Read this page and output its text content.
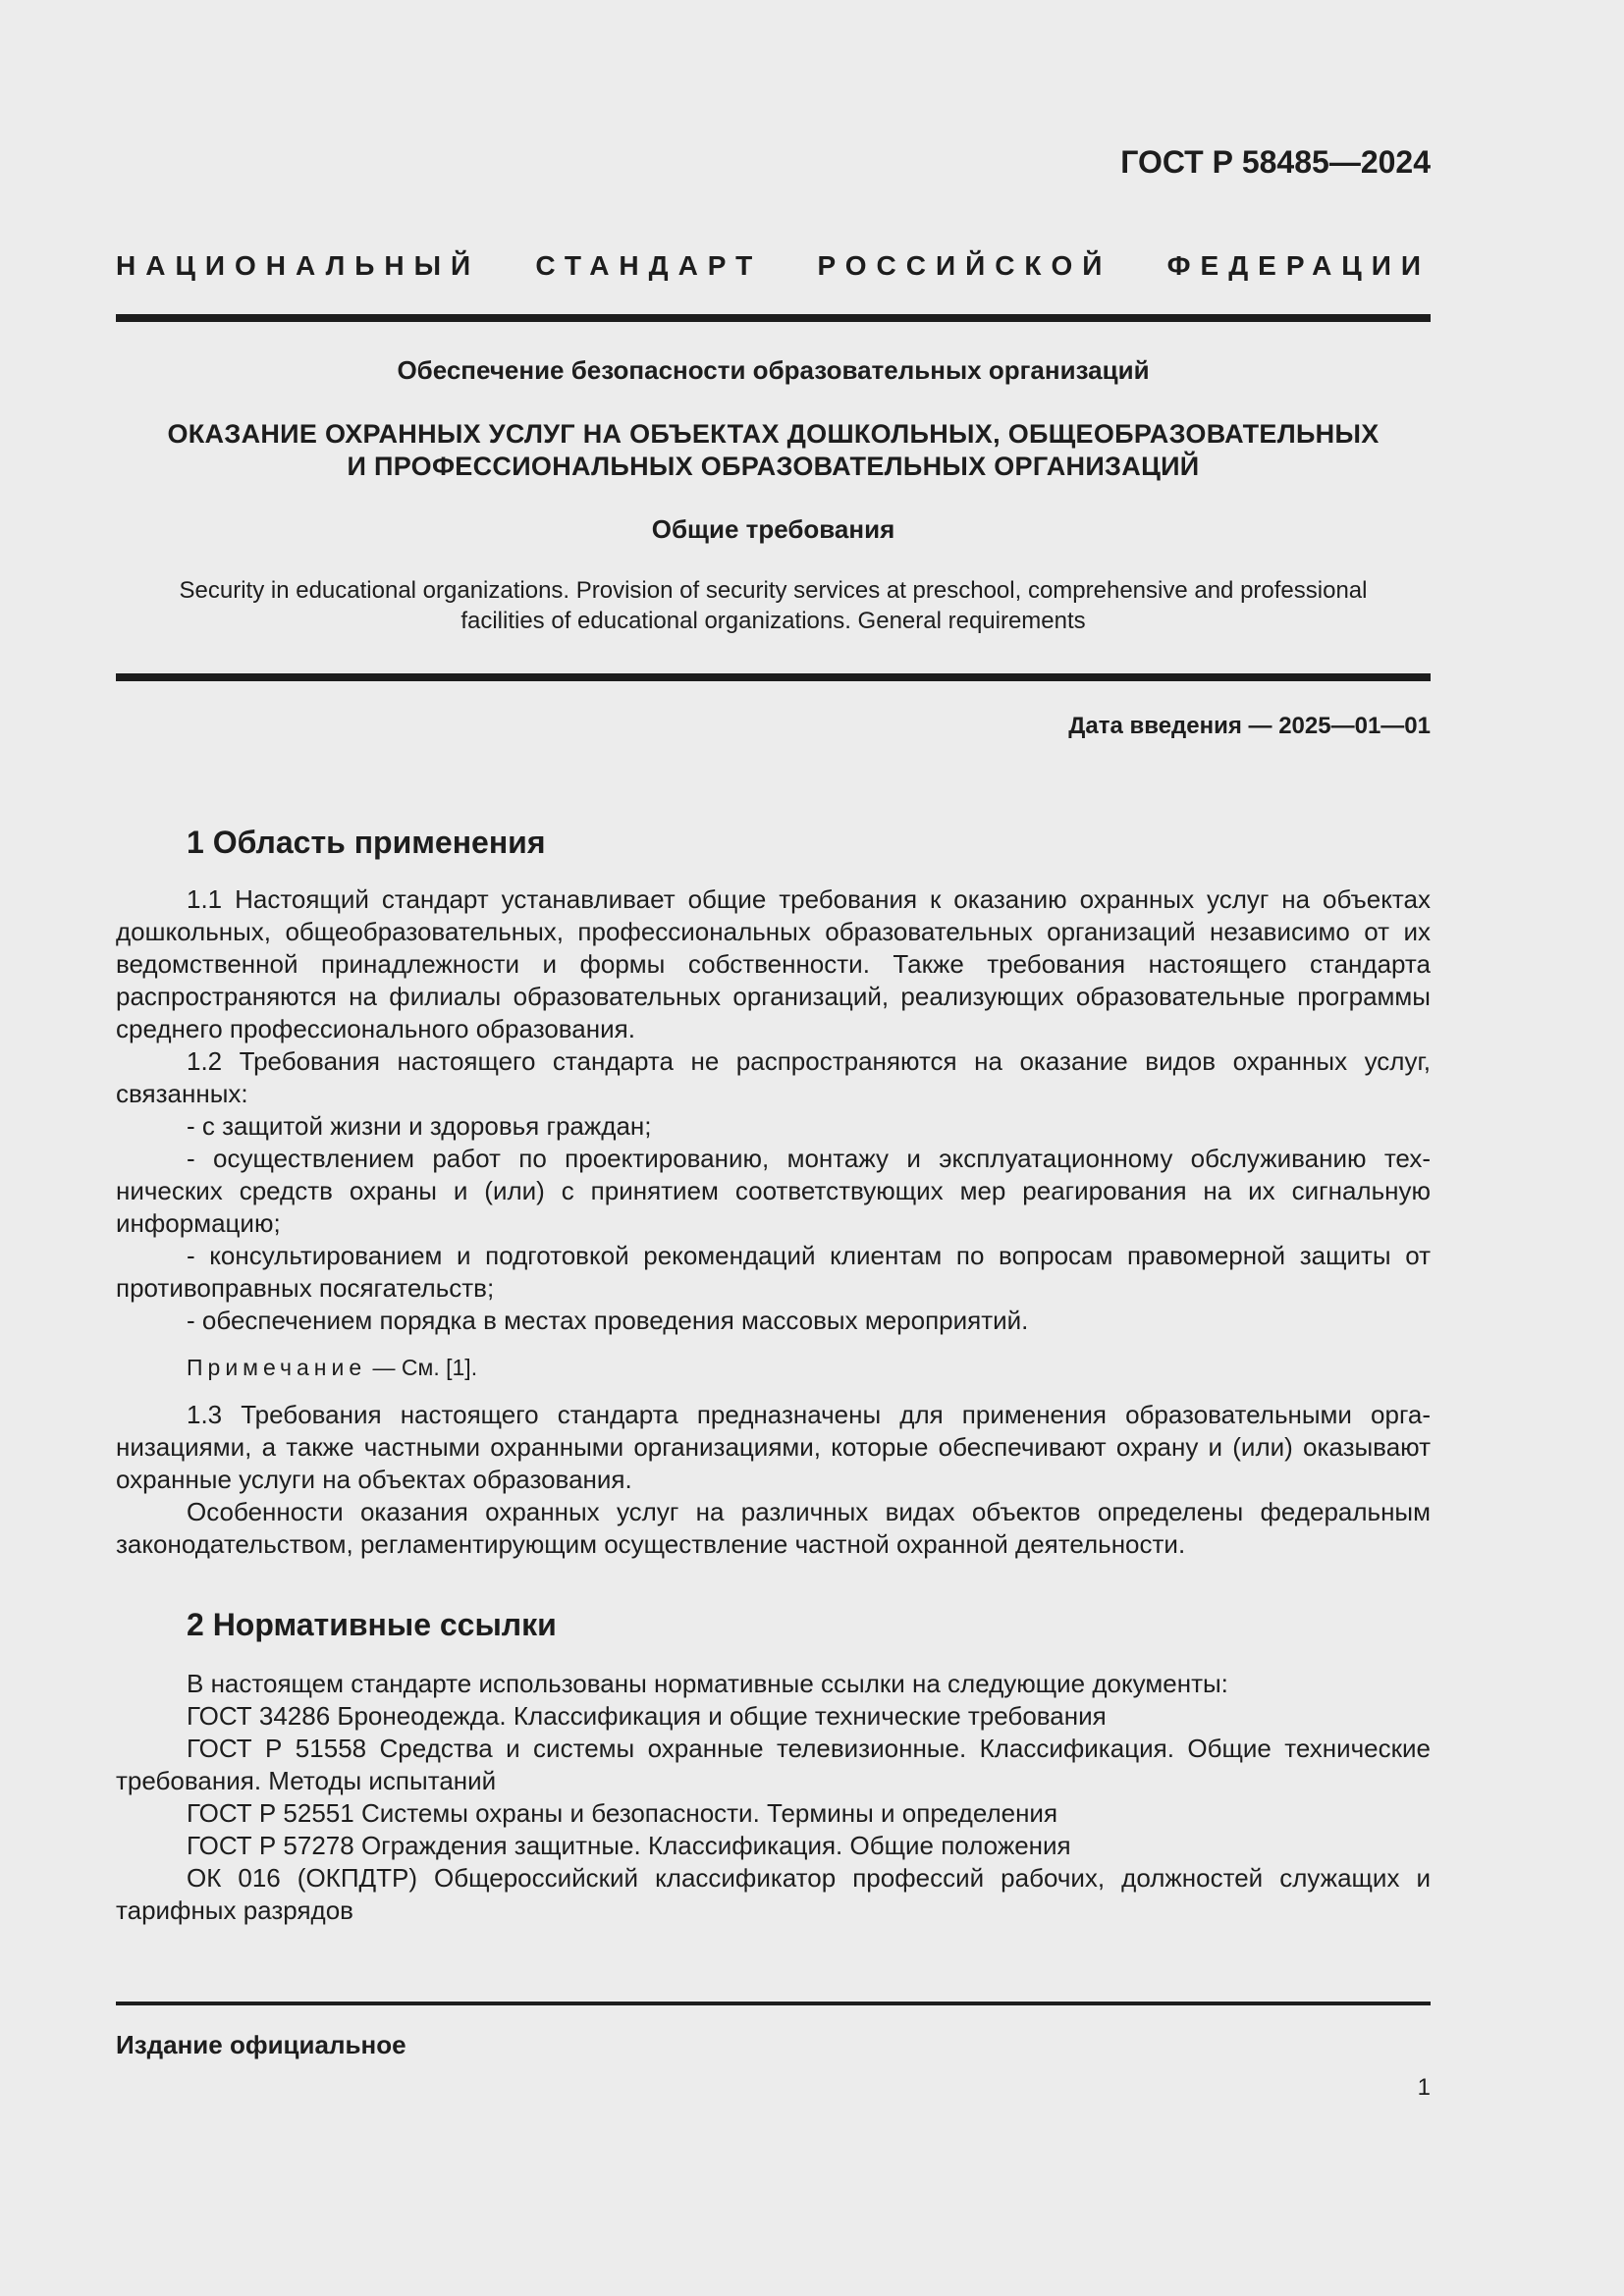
ГОСТ Р 58485—2024
НАЦИОНАЛЬНЫЙ СТАНДАРТ РОССИЙСКОЙ ФЕДЕРАЦИИ
Обеспечение безопасности образовательных организаций
ОКАЗАНИЕ ОХРАННЫХ УСЛУГ НА ОБЪЕКТАХ ДОШКОЛЬНЫХ, ОБЩЕОБРАЗОВАТЕЛЬНЫХ
И ПРОФЕССИОНАЛЬНЫХ ОБРАЗОВАТЕЛЬНЫХ ОРГАНИЗАЦИЙ
Общие требования
Security in educational organizations. Provision of security services at preschool, comprehensive and professional
facilities of educational organizations. General requirements
Дата введения — 2025—01—01
1 Область применения

1.1 Настоящий стандарт устанавливает общие требования к оказанию охранных услуг на объектах дошкольных, общеобразовательных, профессиональных образовательных организаций независимо от их ведомственной принадлежности и формы собственности. Также требования настоящего стандарта распространяются на филиалы образовательных организаций, реализующих образовательные программы среднего профессионального образования.

1.2 Требования настоящего стандарта не распространяются на оказание видов охранных услуг, связанных:

- с защитой жизни и здоровья граждан;

- осуществлением работ по проектированию, монтажу и эксплуатационному обслуживанию технических средств охраны и (или) с принятием соответствующих мер реагирования на их сигнальную информацию;

- консультированием и подготовкой рекомендаций клиентам по вопросам правомерной защиты от противоправных посягательств;

- обеспечением порядка в местах проведения массовых мероприятий.

Примечание — См. [1].

1.3 Требования настоящего стандарта предназначены для применения образовательными организациями, а также частными охранными организациями, которые обеспечивают охрану и (или) оказывают охранные услуги на объектах образования.

Особенности оказания охранных услуг на различных видах объектов определены федеральным законодательством, регламентирующим осуществление частной охранной деятельности.

2 Нормативные ссылки

В настоящем стандарте использованы нормативные ссылки на следующие документы:

ГОСТ 34286 Бронеодежда. Классификация и общие технические требования

ГОСТ Р 51558 Средства и системы охранные телевизионные. Классификация. Общие технические требования. Методы испытаний

ГОСТ Р 52551 Системы охраны и безопасности. Термины и определения

ГОСТ Р 57278 Ограждения защитные. Классификация. Общие положения

ОК 016 (ОКПДТР) Общероссийский классификатор профессий рабочих, должностей служащих и тарифных разрядов

Издание официальное
1
